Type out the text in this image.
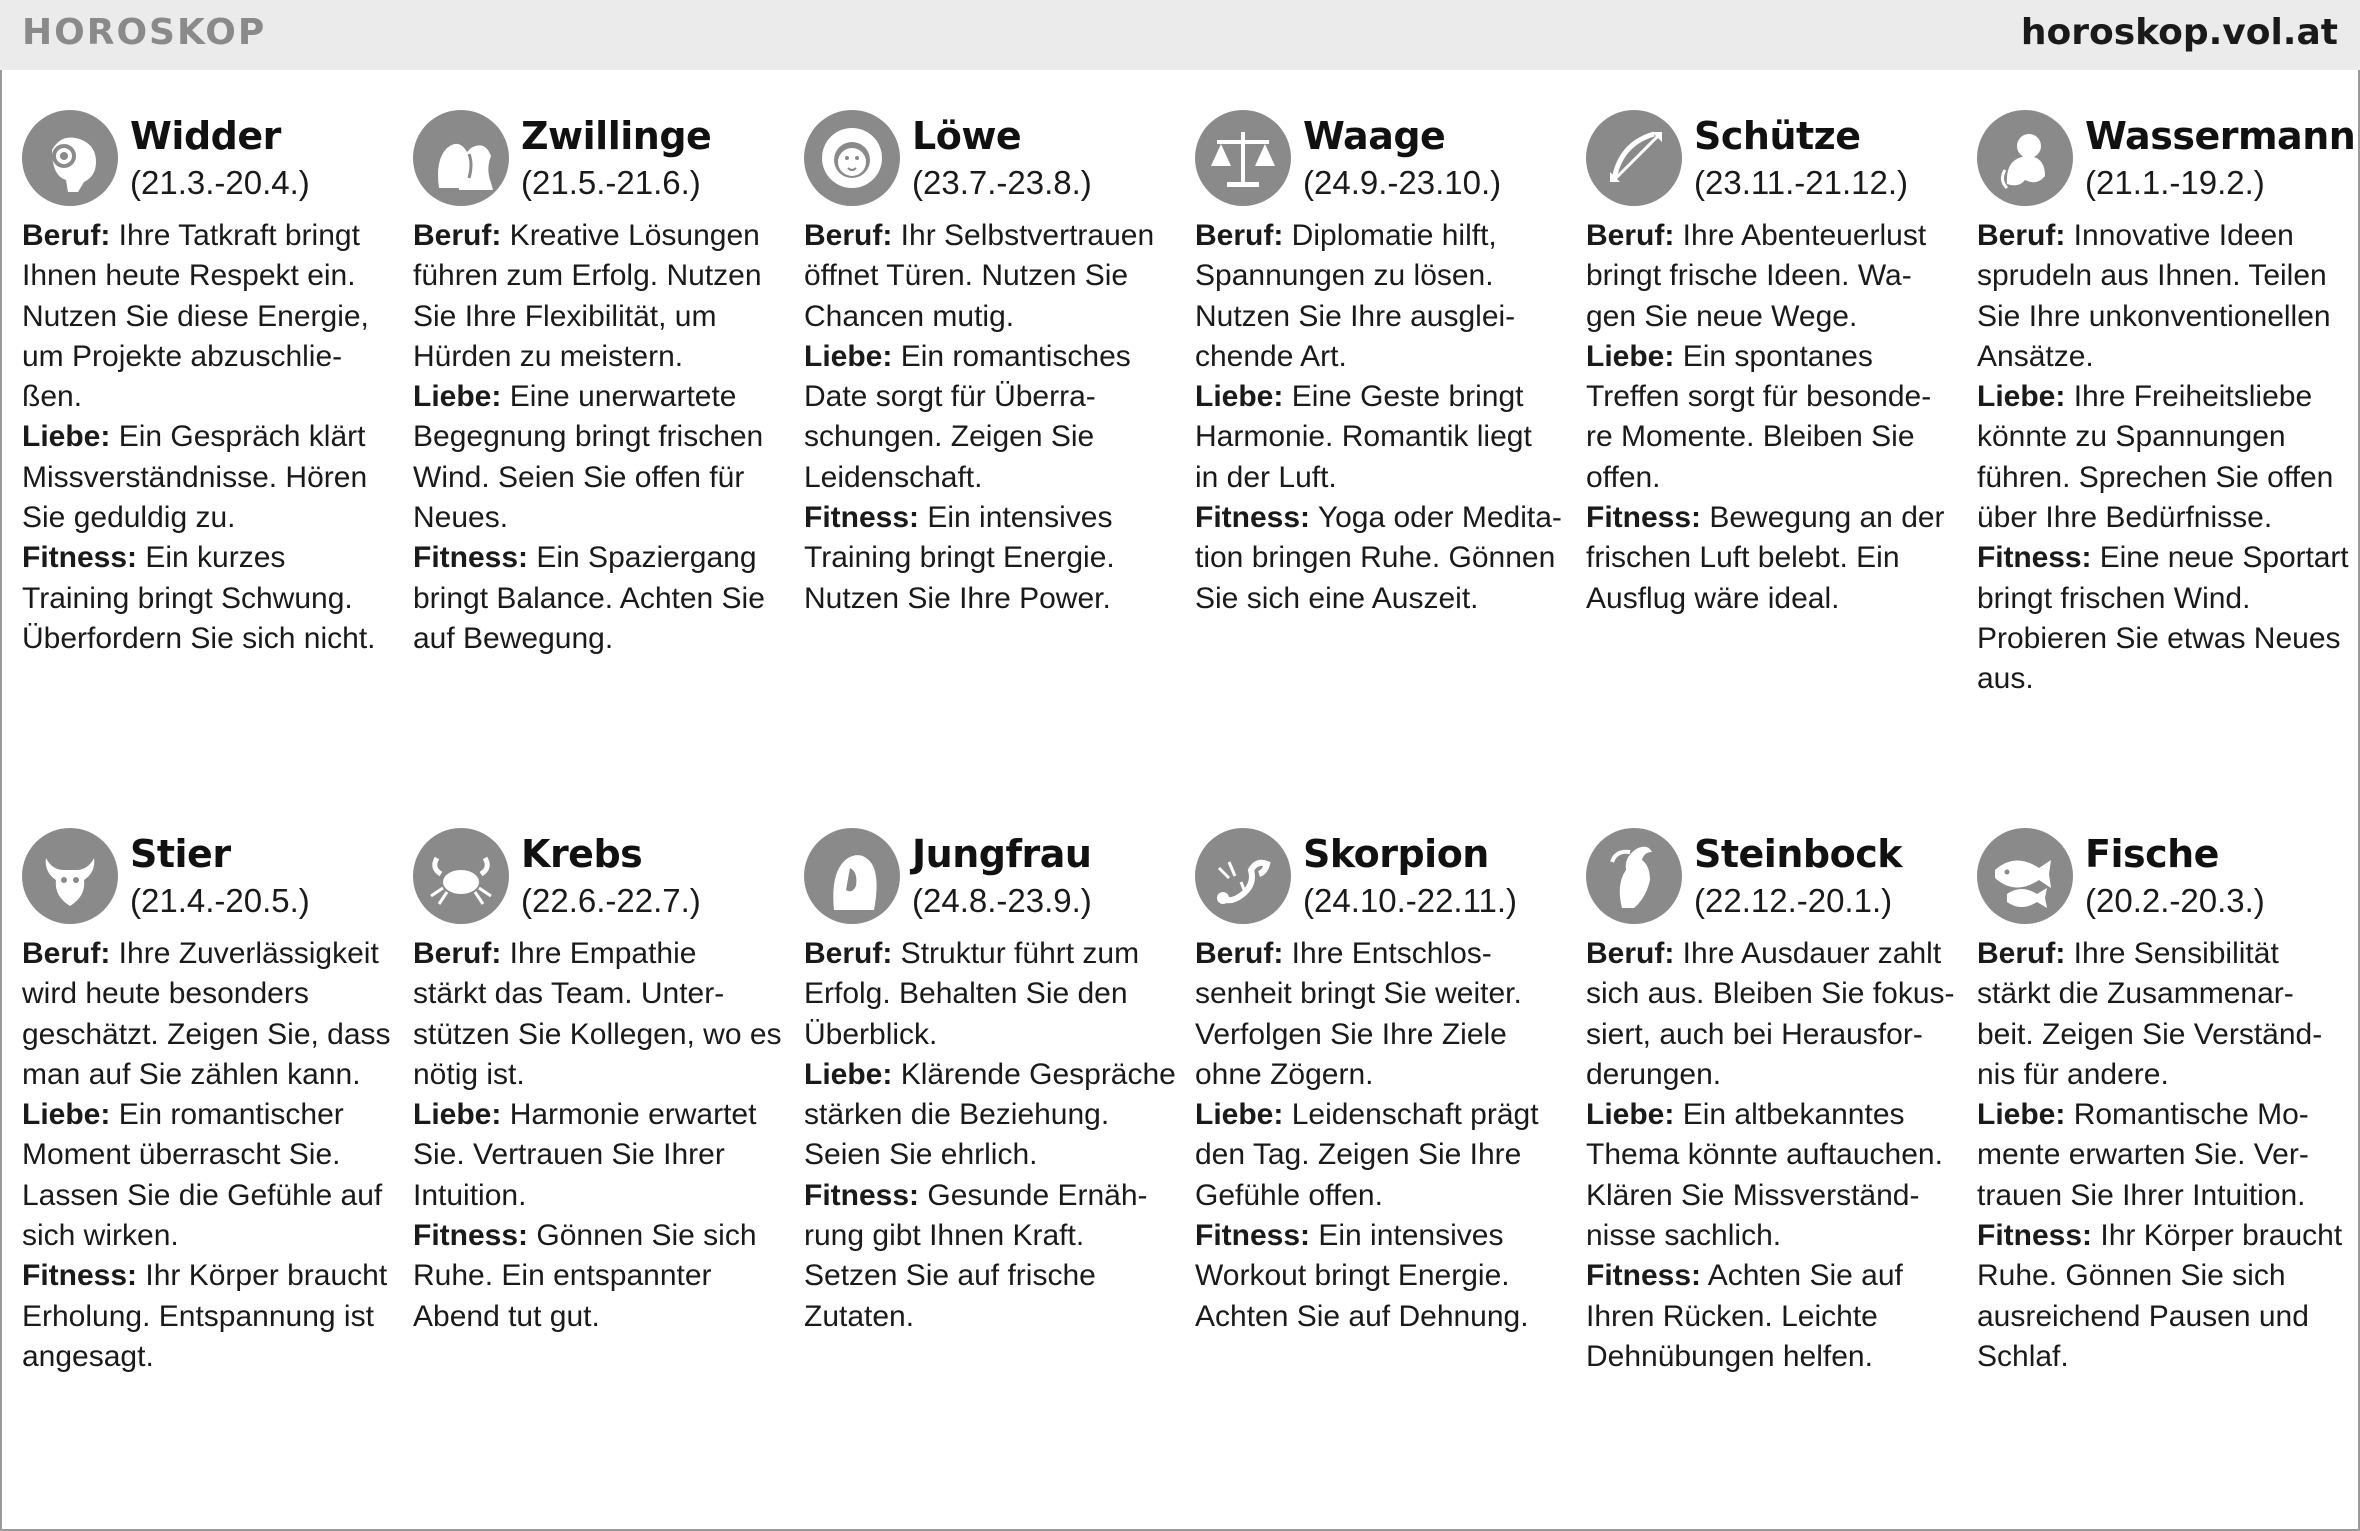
HOROSKOP	horoskop.vol.at
Widder
(21.3.-20.4.)
Beruf: Ihre Tatkraft bringt
Ihnen heute Respekt ein.
Nutzen Sie diese Energie,
um Projekte abzuschlie-
ßen.
Liebe: Ein Gespräch klärt
Missverständnisse. Hören
Sie geduldig zu.
Fitness: Ein kurzes
Training bringt Schwung.
Überfordern Sie sich nicht.
Zwillinge
(21.5.-21.6.)
Beruf: Kreative Lösungen
führen zum Erfolg. Nutzen
Sie Ihre Flexibilität, um
Hürden zu meistern.
Liebe: Eine unerwartete
Begegnung bringt frischen
Wind. Seien Sie offen für
Neues.
Fitness: Ein Spaziergang
bringt Balance. Achten Sie
auf Bewegung.
Löwe
(23.7.-23.8.)
Beruf: Ihr Selbstvertrauen
öffnet Türen. Nutzen Sie
Chancen mutig.
Liebe: Ein romantisches
Date sorgt für Überra-
schungen. Zeigen Sie
Leidenschaft.
Fitness: Ein intensives
Training bringt Energie.
Nutzen Sie Ihre Power.
Waage
(24.9.-23.10.)
Beruf: Diplomatie hilft,
Spannungen zu lösen.
Nutzen Sie Ihre ausglei-
chende Art.
Liebe: Eine Geste bringt
Harmonie. Romantik liegt
in der Luft.
Fitness: Yoga oder Medita-
tion bringen Ruhe. Gönnen
Sie sich eine Auszeit.
Schütze
(23.11.-21.12.)
Beruf: Ihre Abenteuerlust
bringt frische Ideen. Wa-
gen Sie neue Wege.
Liebe: Ein spontanes
Treffen sorgt für besonde-
re Momente. Bleiben Sie
offen.
Fitness: Bewegung an der
frischen Luft belebt. Ein
Ausflug wäre ideal.
Wassermann
(21.1.-19.2.)
Beruf: Innovative Ideen
sprudeln aus Ihnen. Teilen
Sie Ihre unkonventionellen
Ansätze.
Liebe: Ihre Freiheitsliebe
könnte zu Spannungen
führen. Sprechen Sie offen
über Ihre Bedürfnisse.
Fitness: Eine neue Sportart
bringt frischen Wind.
Probieren Sie etwas Neues
aus.
Stier
(21.4.-20.5.)
Beruf: Ihre Zuverlässigkeit
wird heute besonders
geschätzt. Zeigen Sie, dass
man auf Sie zählen kann.
Liebe: Ein romantischer
Moment überrascht Sie.
Lassen Sie die Gefühle auf
sich wirken.
Fitness: Ihr Körper braucht
Erholung. Entspannung ist
angesagt.
Krebs
(22.6.-22.7.)
Beruf: Ihre Empathie
stärkt das Team. Unter-
stützen Sie Kollegen, wo es
nötig ist.
Liebe: Harmonie erwartet
Sie. Vertrauen Sie Ihrer
Intuition.
Fitness: Gönnen Sie sich
Ruhe. Ein entspannter
Abend tut gut.
Jungfrau
(24.8.-23.9.)
Beruf: Struktur führt zum
Erfolg. Behalten Sie den
Überblick.
Liebe: Klärende Gespräche
stärken die Beziehung.
Seien Sie ehrlich.
Fitness: Gesunde Ernäh-
rung gibt Ihnen Kraft.
Setzen Sie auf frische
Zutaten.
Skorpion
(24.10.-22.11.)
Beruf: Ihre Entschlos-
senheit bringt Sie weiter.
Verfolgen Sie Ihre Ziele
ohne Zögern.
Liebe: Leidenschaft prägt
den Tag. Zeigen Sie Ihre
Gefühle offen.
Fitness: Ein intensives
Workout bringt Energie.
Achten Sie auf Dehnung.
Steinbock
(22.12.-20.1.)
Beruf: Ihre Ausdauer zahlt
sich aus. Bleiben Sie fokus-
siert, auch bei Herausfor-
derungen.
Liebe: Ein altbekanntes
Thema könnte auftauchen.
Klären Sie Missverständ-
nisse sachlich.
Fitness: Achten Sie auf
Ihren Rücken. Leichte
Dehnübungen helfen.
Fische
(20.2.-20.3.)
Beruf: Ihre Sensibilität
stärkt die Zusammenar-
beit. Zeigen Sie Verständ-
nis für andere.
Liebe: Romantische Mo-
mente erwarten Sie. Ver-
trauen Sie Ihrer Intuition.
Fitness: Ihr Körper braucht
Ruhe. Gönnen Sie sich
ausreichend Pausen und
Schlaf.
